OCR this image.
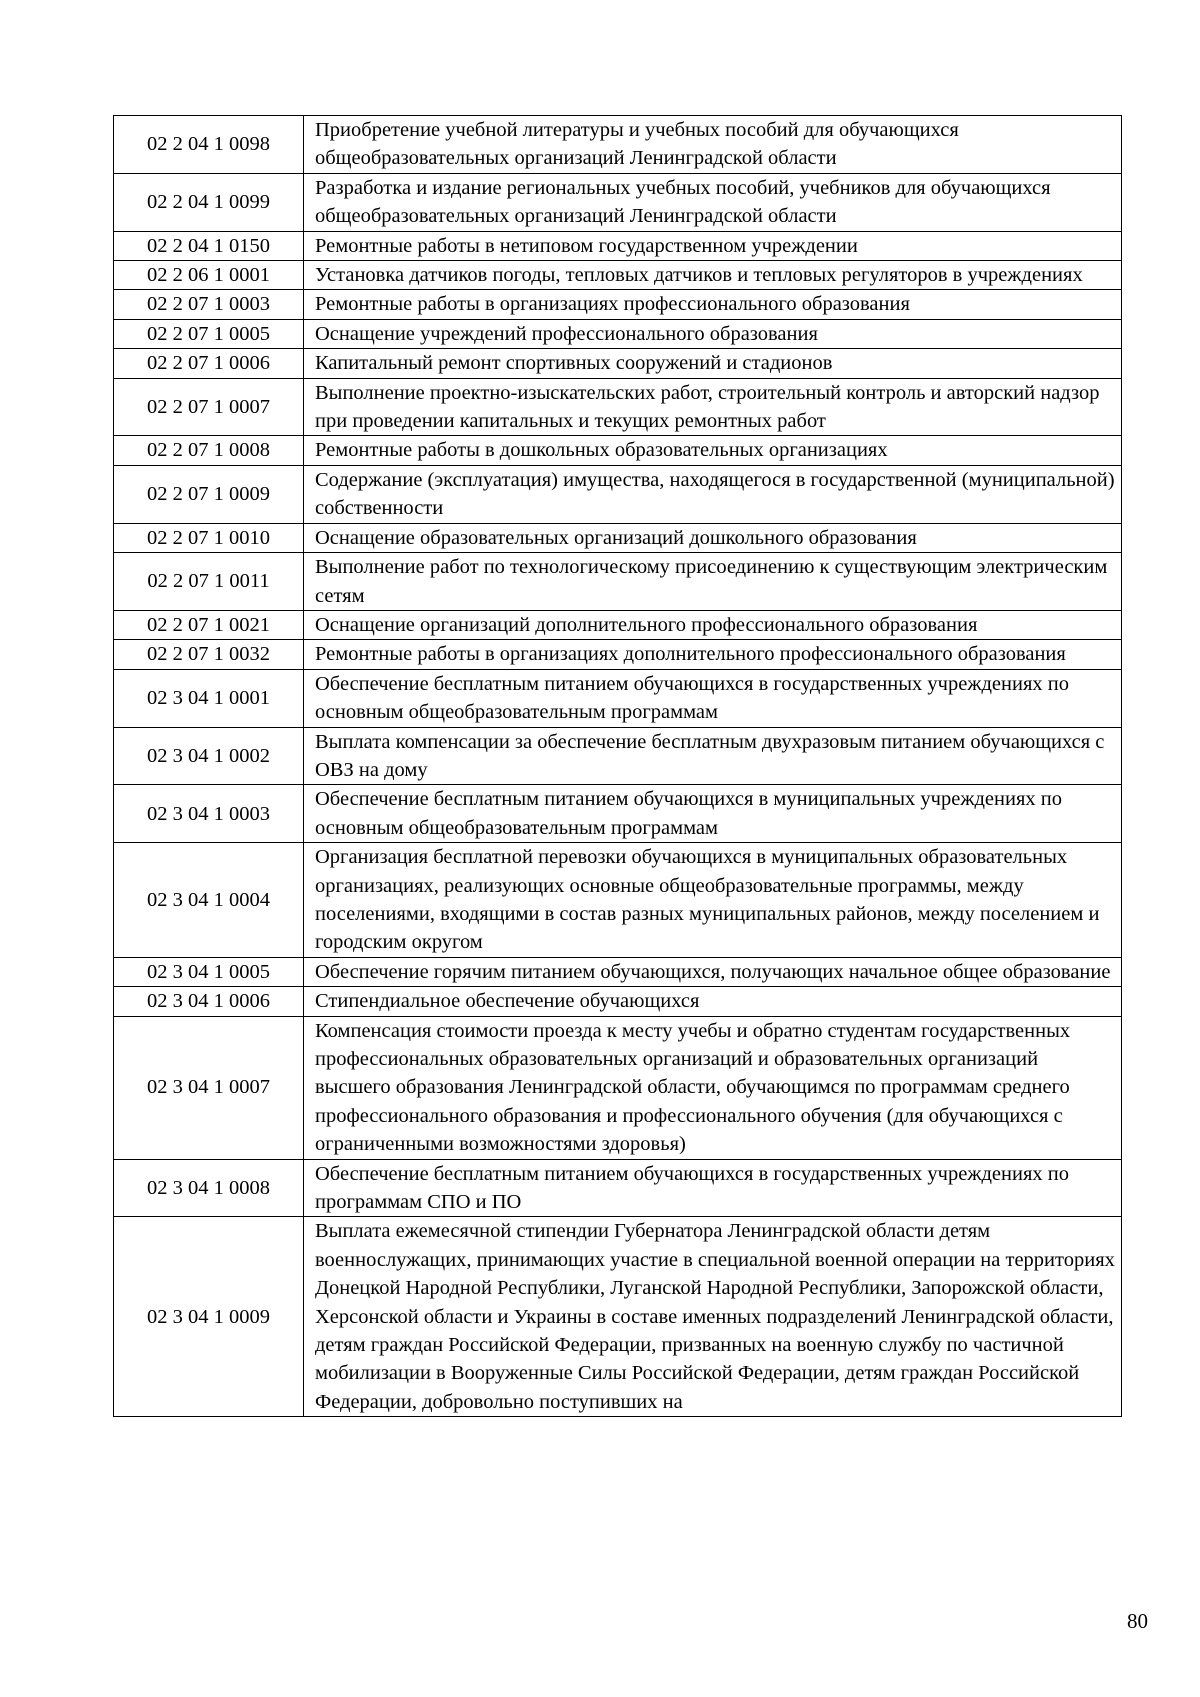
02 2 04 1 0098	Приобретение учебной литературы и учебных пособий для обучающихся общеобразовательных организаций Ленинградской области
02 2 04 1 0099	Разработка и издание региональных учебных пособий, учебников для обучающихся общеобразовательных организаций Ленинградской области
02 2 04 1 0150	Ремонтные работы в нетиповом государственном учреждении
02 2 06 1 0001	Установка датчиков погоды, тепловых датчиков и тепловых регуляторов в учреждениях
02 2 07 1 0003	Ремонтные работы в организациях профессионального образования
02 2 07 1 0005	Оснащение учреждений профессионального образования
02 2 07 1 0006	Капитальный ремонт спортивных сооружений и стадионов
02 2 07 1 0007	Выполнение проектно-изыскательских работ, строительный контроль и авторский надзор при проведении капитальных и текущих ремонтных работ
02 2 07 1 0008	Ремонтные работы в дошкольных образовательных организациях
02 2 07 1 0009	Содержание (эксплуатация) имущества, находящегося в государственной (муниципальной) собственности
02 2 07 1 0010	Оснащение образовательных организаций дошкольного образования
02 2 07 1 0011	Выполнение работ по технологическому присоединению к существующим электрическим сетям
02 2 07 1 0021	Оснащение организаций дополнительного профессионального образования
02 2 07 1 0032	Ремонтные работы в организациях дополнительного профессионального образования
02 3 04 1 0001	Обеспечение бесплатным питанием обучающихся в государственных учреждениях по основным общеобразовательным программам
02 3 04 1 0002	Выплата компенсации за обеспечение бесплатным двухразовым питанием обучающихся с ОВЗ на дому
02 3 04 1 0003	Обеспечение бесплатным питанием обучающихся в муниципальных учреждениях по основным общеобразовательным программам
02 3 04 1 0004	Организация бесплатной перевозки обучающихся в муниципальных образовательных организациях, реализующих основные общеобразовательные программы, между поселениями, входящими в состав разных муниципальных районов, между поселением и городским округом
02 3 04 1 0005	Обеспечение горячим питанием обучающихся, получающих начальное общее образование
02 3 04 1 0006	Стипендиальное обеспечение обучающихся
02 3 04 1 0007	Компенсация стоимости проезда к месту учебы и обратно студентам государственных профессиональных образовательных организаций и образовательных организаций высшего образования Ленинградской области, обучающимся по программам среднего профессионального образования и профессионального обучения (для обучающихся с ограниченными возможностями здоровья)
02 3 04 1 0008	Обеспечение бесплатным питанием обучающихся в государственных учреждениях по программам СПО и ПО
02 3 04 1 0009	Выплата ежемесячной стипендии Губернатора Ленинградской области детям военнослужащих, принимающих участие в специальной военной операции на территориях Донецкой Народной Республики, Луганской Народной Республики, Запорожской области, Херсонской области и Украины в составе именных подразделений Ленинградской области, детям граждан Российской Федерации, призванных на военную службу по частичной мобилизации в Вооруженные Силы Российской Федерации, детям граждан Российской Федерации, добровольно поступивших на
80
